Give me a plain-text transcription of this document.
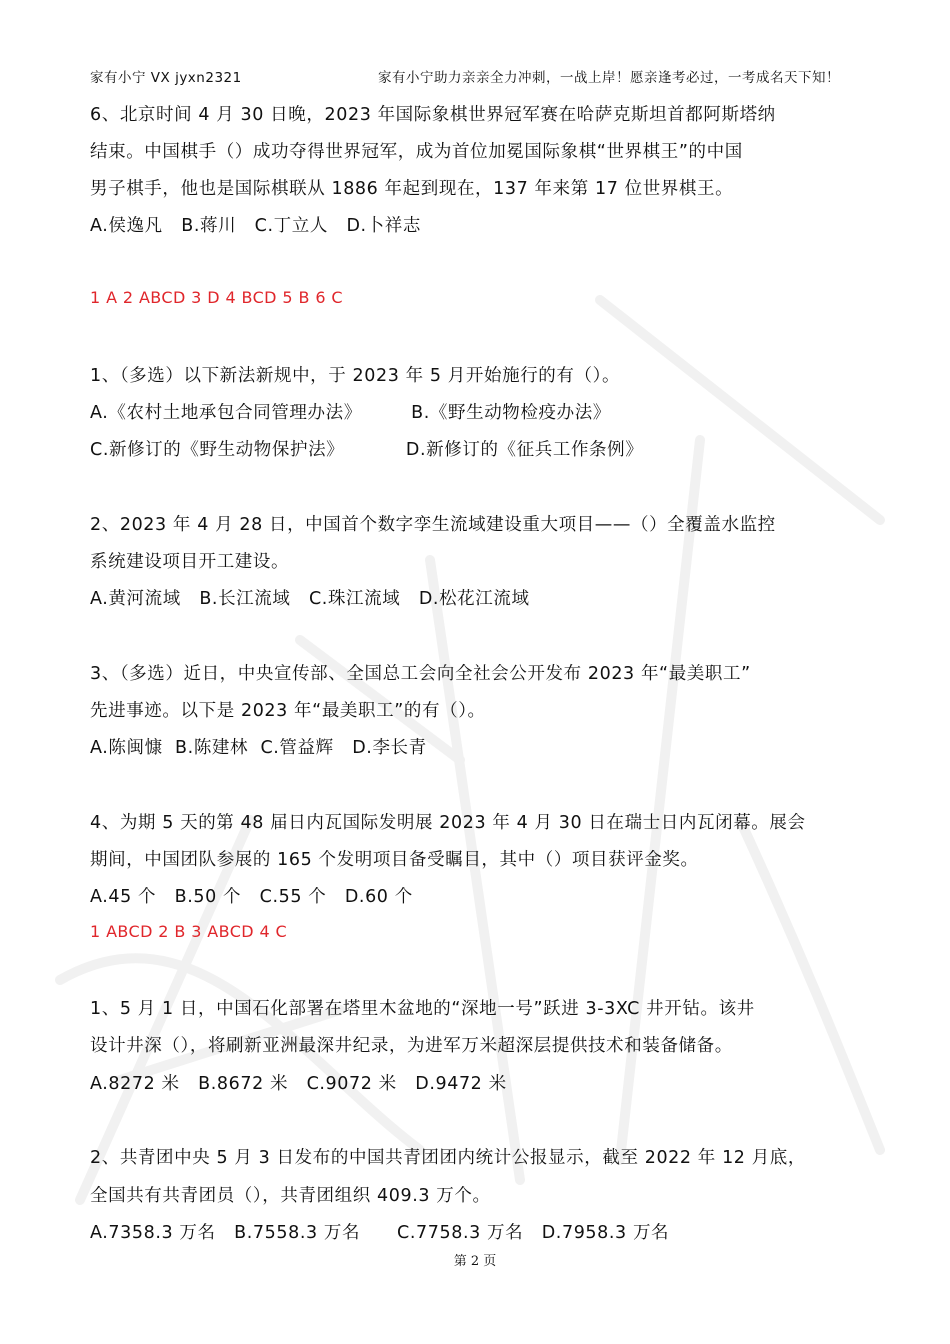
家有小宁 VX jyxn2321	家有小宁助力亲亲全力冲刺，一战上岸！愿亲逢考必过，一考成名天下知！
6、北京时间 4 月 30 日晚，2023 年国际象棋世界冠军赛在哈萨克斯坦首都阿斯塔纳
结束。中国棋手（）成功夺得世界冠军，成为首位加冕国际象棋“世界棋王”的中国
男子棋手，他也是国际棋联从 1886 年起到现在，137 年来第 17 位世界棋王。
A.侯逸凡   B.蒋川   C.丁立人   D.卜祥志
1 A 2 ABCD 3 D 4 BCD 5 B 6 C
1、（多选）以下新法新规中，于 2023 年 5 月开始施行的有（）。
A.《农村土地承包合同管理办法》        B.《野生动物检疫办法》
C.新修订的《野生动物保护法》          D.新修订的《征兵工作条例》
2、2023 年 4 月 28 日，中国首个数字孪生流域建设重大项目——（）全覆盖水监控
系统建设项目开工建设。
A.黄河流域   B.长江流域   C.珠江流域   D.松花江流域
3、（多选）近日，中央宣传部、全国总工会向全社会公开发布 2023 年“最美职工”
先进事迹。以下是 2023 年“最美职工”的有（）。
A.陈闽慷  B.陈建林  C.管益辉   D.李长青
4、为期 5 天的第 48 届日内瓦国际发明展 2023 年 4 月 30 日在瑞士日内瓦闭幕。展会
期间，中国团队参展的 165 个发明项目备受瞩目，其中（）项目获评金奖。
A.45 个   B.50 个   C.55 个   D.60 个
1 ABCD 2 B 3 ABCD 4 C
1、5 月 1 日，中国石化部署在塔里木盆地的“深地一号”跃进 3-3XC 井开钻。该井
设计井深（），将刷新亚洲最深井纪录，为进军万米超深层提供技术和装备储备。
A.8272 米   B.8672 米   C.9072 米   D.9472 米
2、共青团中央 5 月 3 日发布的中国共青团团内统计公报显示，截至 2022 年 12 月底，
全国共有共青团员（），共青团组织 409.3 万个。
A.7358.3 万名   B.7558.3 万名      C.7758.3 万名   D.7958.3 万名
第 2 页
